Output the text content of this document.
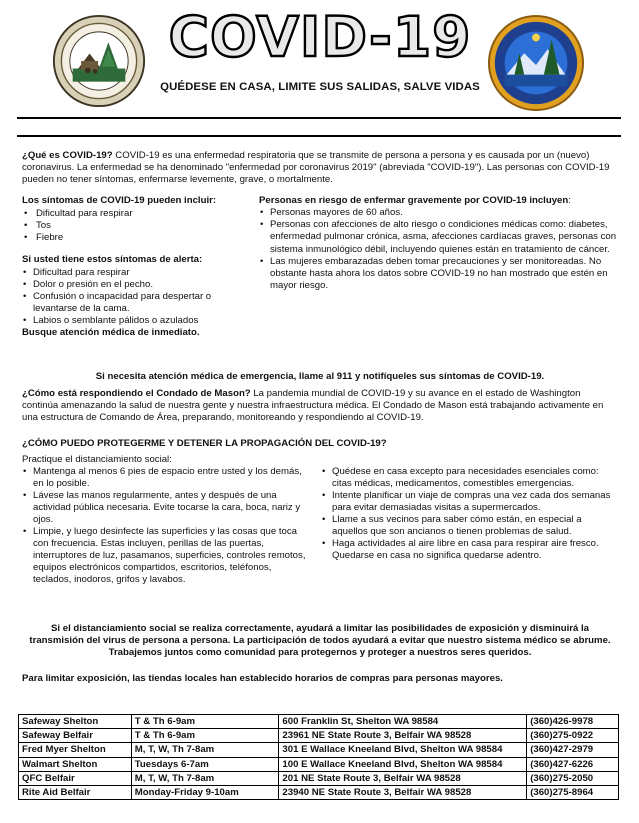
COVID-19
QUÉDESE EN CASA, LIMITE SUS SALIDAS, SALVE VIDAS

¿Qué es COVID-19? COVID-19 es una enfermedad respiratoria que se transmite de persona a persona y es causada por un (nuevo) coronavirus. La enfermedad se ha denominado "enfermedad por coronavirus 2019" (abreviada "COVID-19"). Las personas con COVID-19 pueden no tener síntomas, enfermarse levemente, grave, o mortalmente.

Los síntomas de COVID-19 pueden incluir:
• Dificultad para respirar
• Tos
• Fiebre
Si usted tiene estos síntomas de alerta:
• Dificultad para respirar
• Dolor o presión en el pecho.
• Confusión o incapacidad para despertar o levantarse de la cama.
• Labios o semblante pálidos o azulados
Busque atención médica de inmediato.
Personas en riesgo de enfermar gravemente por COVID-19 incluyen:
• Personas mayores de 60 años.
• Personas con afecciones de alto riesgo o condiciones médicas como: diabetes, enfermedad pulmonar crónica, asma, afecciones cardíacas graves, personas con sistema inmunológico débil, incluyendo quienes están en tratamiento de cáncer.
• Las mujeres embarazadas deben tomar precauciones y ser monitoreadas. No obstante hasta ahora los datos sobre COVID-19 no han mostrado que estén en mayor riesgo.

Si necesita atención médica de emergencia, llame al 911 y notifíqueles sus síntomas de COVID-19.

¿Cómo está respondiendo el Condado de Mason? La pandemia mundial de COVID-19 y su avance en el estado de Washington continúa amenazando la salud de nuestra gente y nuestra infraestructura médica. El Condado de Mason está trabajando activamente en una estructura de Comando de Área, preparando, monitoreando y respondiendo al COVID-19.

¿CÓMO PUEDO PROTEGERME Y DETENER LA PROPAGACIÓN DEL COVID-19?

Practique el distanciamiento social:

• Mantenga al menos 6 pies de espacio entre usted y los demás, en lo posible.
• Lávese las manos regularmente, antes y después de una actividad pública necesaria. Evite tocarse la cara, boca, nariz y ojos.
• Limpie, y luego desinfecte las superficies y las cosas que toca con frecuencia. Estas incluyen, perillas de las puertas, interruptores de luz, pasamanos, superficies, controles remotos, equipos electrónicos compartidos, escritorios, teléfonos, teclados, inodoros, grifos y lavabos.
• Quédese en casa excepto para necesidades esenciales como: citas médicas, medicamentos, comestibles emergencias.
• Intente planificar un viaje de compras una vez cada dos semanas para evitar demasiadas visitas a supermercados.
• Llame a sus vecinos para saber cómo están, en especial a aquellos que son ancianos o tienen problemas de salud.
• Haga actividades al aire libre en casa para respirar aire fresco. Quedarse en casa no significa quedarse adentro.

Si el distanciamiento social se realiza correctamente, ayudará a limitar las posibilidades de exposición y disminuirá la transmisión del virus de persona a persona. La participación de todos ayudará a evitar que nuestro sistema médico se abrume. Trabajemos juntos como comunidad para protegernos y proteger a nuestros seres queridos.

Para limitar exposición, las tiendas locales han establecido horarios de compras para personas mayores.

Safeway Shelton	T & Th 6-9am	600 Franklin St, Shelton WA 98584	(360)426-9978
Safeway Belfair	T & Th 6-9am	23961 NE State Route 3, Belfair WA 98528	(360)275-0922
Fred Myer Shelton	M, T, W, Th 7-8am	301 E Wallace Kneeland Blvd, Shelton WA 98584	(360)427-2979
Walmart Shelton	Tuesdays 6-7am	100 E Wallace Kneeland Blvd, Shelton WA 98584	(360)427-6226
QFC Belfair	M, T, W, Th 7-8am	201 NE State Route 3, Belfair WA 98528	(360)275-2050
Rite Aid Belfair	Monday-Friday 9-10am	23940 NE State Route 3, Belfair WA 98528	(360)275-8964
